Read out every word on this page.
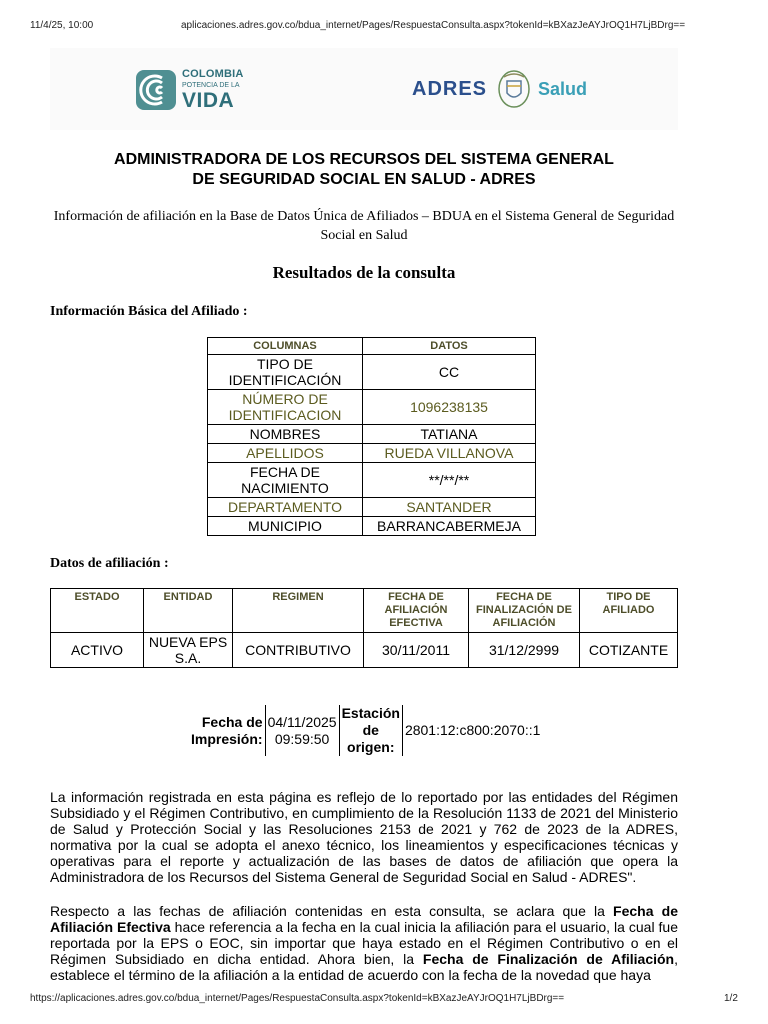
11/4/25, 10:00	aplicaciones.adres.gov.co/bdua_internet/Pages/RespuestaConsulta.aspx?tokenId=kBXazJeAYJrOQ1H7LjBDrg==
COLOMBIA
POTENCIA DE LA
VIDA	ADRES	Salud
ADMINISTRADORA DE LOS RECURSOS DEL SISTEMA GENERAL
DE SEGURIDAD SOCIAL EN SALUD - ADRES
Información de afiliación en la Base de Datos Única de Afiliados – BDUA en el Sistema General de Seguridad Social en Salud
Resultados de la consulta
Información Básica del Afiliado :
COLUMNAS	DATOS
TIPO DE IDENTIFICACIÓN	CC
NÚMERO DE IDENTIFICACION	1096238135
NOMBRES	TATIANA
APELLIDOS	RUEDA VILLANOVA
FECHA DE NACIMIENTO	**/**/**
DEPARTAMENTO	SANTANDER
MUNICIPIO	BARRANCABERMEJA
Datos de afiliación :
ESTADO	ENTIDAD	REGIMEN	FECHA DE AFILIACIÓN EFECTIVA	FECHA DE FINALIZACIÓN DE AFILIACIÓN	TIPO DE AFILIADO
ACTIVO	NUEVA EPS S.A.	CONTRIBUTIVO	30/11/2011	31/12/2999	COTIZANTE
Fecha de Impresión:	04/11/2025 09:59:50	Estación de origen:	2801:12:c800:2070::1
La información registrada en esta página es reflejo de lo reportado por las entidades del Régimen Subsidiado y el Régimen Contributivo, en cumplimiento de la Resolución 1133 de 2021 del Ministerio de Salud y Protección Social y las Resoluciones 2153 de 2021 y 762 de 2023 de la ADRES, normativa por la cual se adopta el anexo técnico, los lineamientos y especificaciones técnicas y operativas para el reporte y actualización de las bases de datos de afiliación que opera la Administradora de los Recursos del Sistema General de Seguridad Social en Salud - ADRES".
Respecto a las fechas de afiliación contenidas en esta consulta, se aclara que la Fecha de Afiliación Efectiva hace referencia a la fecha en la cual inicia la afiliación para el usuario, la cual fue reportada por la EPS o EOC, sin importar que haya estado en el Régimen Contributivo o en el Régimen Subsidiado en dicha entidad. Ahora bien, la Fecha de Finalización de Afiliación, establece el término de la afiliación a la entidad de acuerdo con la fecha de la novedad que haya
https://aplicaciones.adres.gov.co/bdua_internet/Pages/RespuestaConsulta.aspx?tokenId=kBXazJeAYJrOQ1H7LjBDrg==	1/2
